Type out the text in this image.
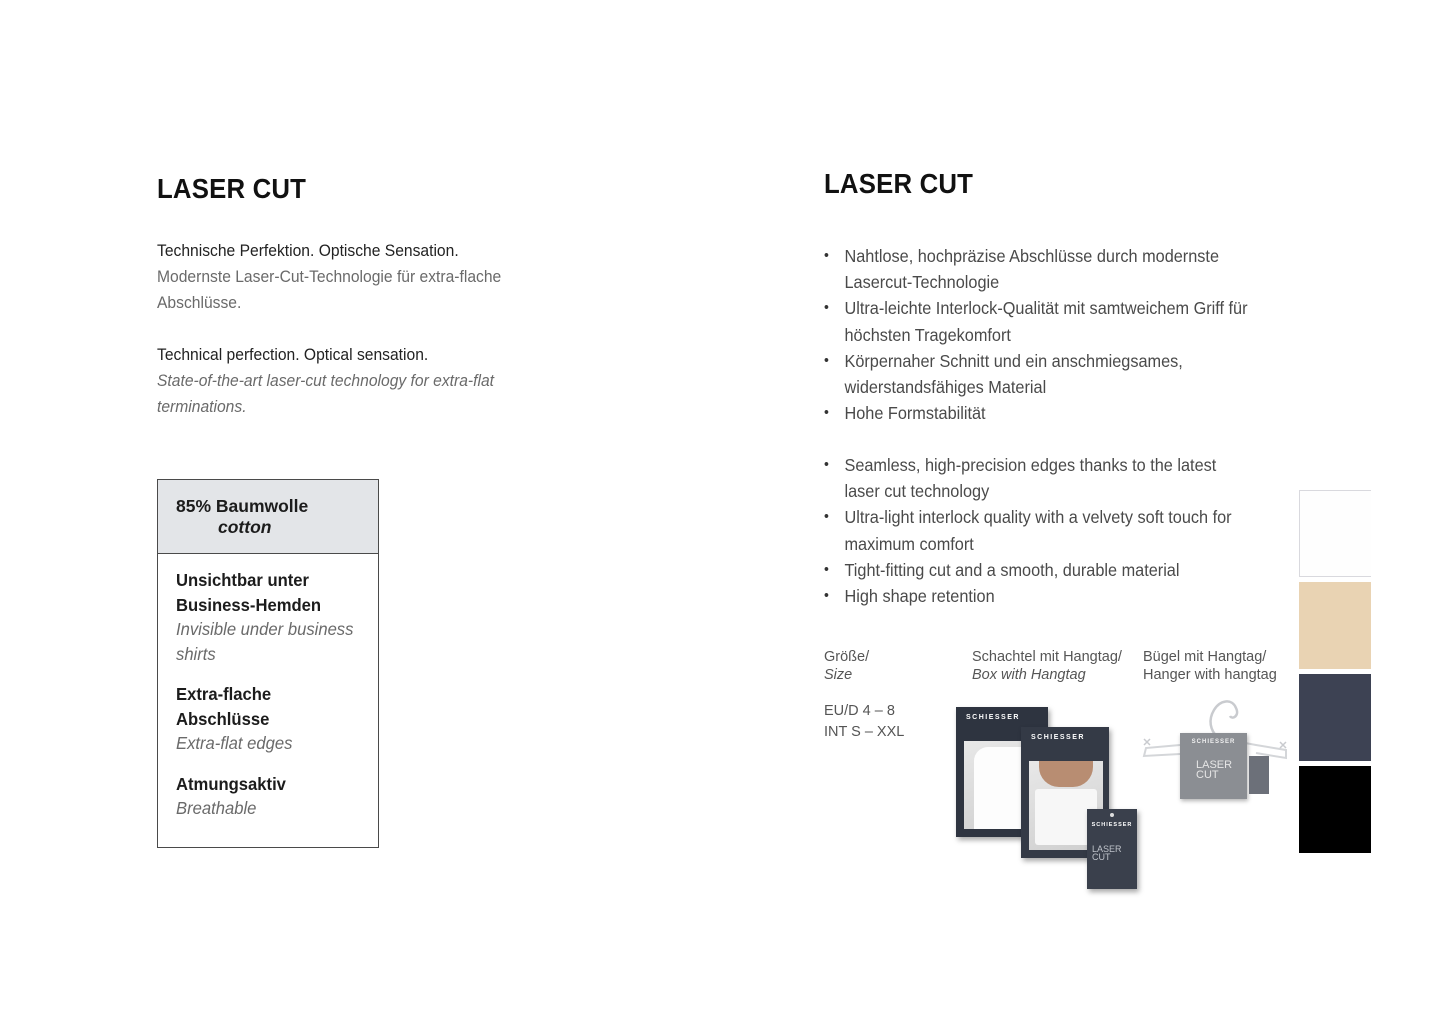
LASER CUT
Technische Perfektion. Optische Sensation.
Modernste Laser-Cut-Technologie für extra-flache Abschlüsse.
Technical perfection. Optical sensation.
State-of-the-art laser-cut technology for extra-flat terminations.
85% Baumwolle
cotton
Unsichtbar unter Business-Hemden
Invisible under business shirts
Extra-flache Abschlüsse
Extra-flat edges
Atmungsaktiv
Breathable
LASER CUT
• Nahtlose, hochpräzise Abschlüsse durch modernste Lasercut-Technologie
• Ultra-leichte Interlock-Qualität mit samtweichem Griff für höchsten Tragekomfort
• Körpernaher Schnitt und ein anschmiegsames, widerstandsfähiges Material
• Hohe Formstabilität
• Seamless, high-precision edges thanks to the latest laser cut technology
• Ultra-light interlock quality with a velvety soft touch for maximum comfort
• Tight-fitting cut and a smooth, durable material
• High shape retention
Größe/
Size
EU/D 4 – 8
INT S – XXL
Schachtel mit Hangtag/
Box with Hangtag
Bügel mit Hangtag/
Hanger with hangtag
SCHIESSER
SCHIESSER
SCHIESSER
LASER
CUT
SCHIESSER
LASER
CUT
